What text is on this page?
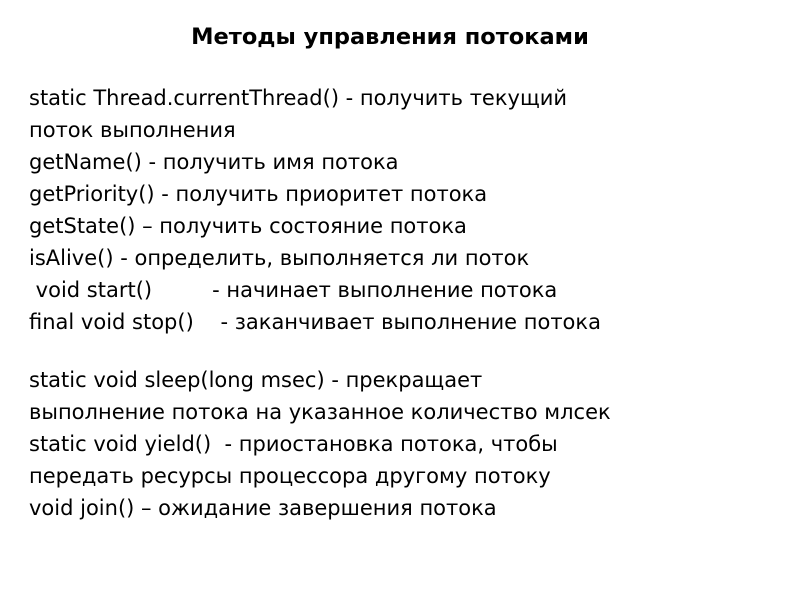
Методы управления потоками
static Thread.currentThread() - получить текущий
поток выполнения
getName() - получить имя потока
getPriority() - получить приоритет потока
getState() – получить состояние потока
isAlive() - определить, выполняется ли поток
void start()         - начинает выполнение потока
final void stop()    - заканчивает выполнение потока
static void sleep(long msec) - прекращает
выполнение потока на указанное количество млсек
static void yield()  - приостановка потока, чтобы
передать ресурсы процессора другому потоку
void join() – ожидание завершения потока
